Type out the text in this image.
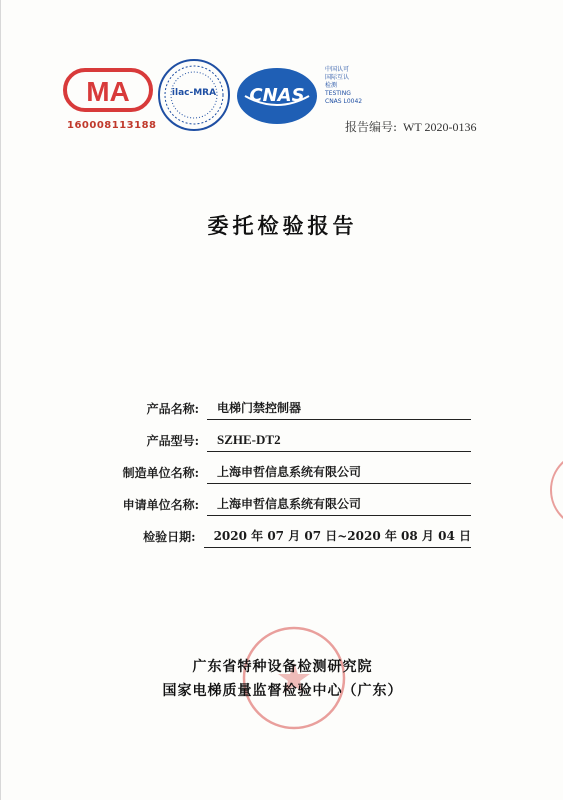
MA
160008113188
ilac-MRA	CNAS
中国认可
国际互认
检测
TESTING
CNAS L0042
报告编号: WT 2020-0136
委托检验报告
产品名称:	电梯门禁控制器
产品型号:	SZHE-DT2
制造单位名称:	上海申哲信息系统有限公司
申请单位名称:	上海申哲信息系统有限公司
检验日期:	2020 年 07 月 07 日~2020 年 08 月 04 日
广东省特种设备检测研究院
国家电梯质量监督检验中心（广东）
